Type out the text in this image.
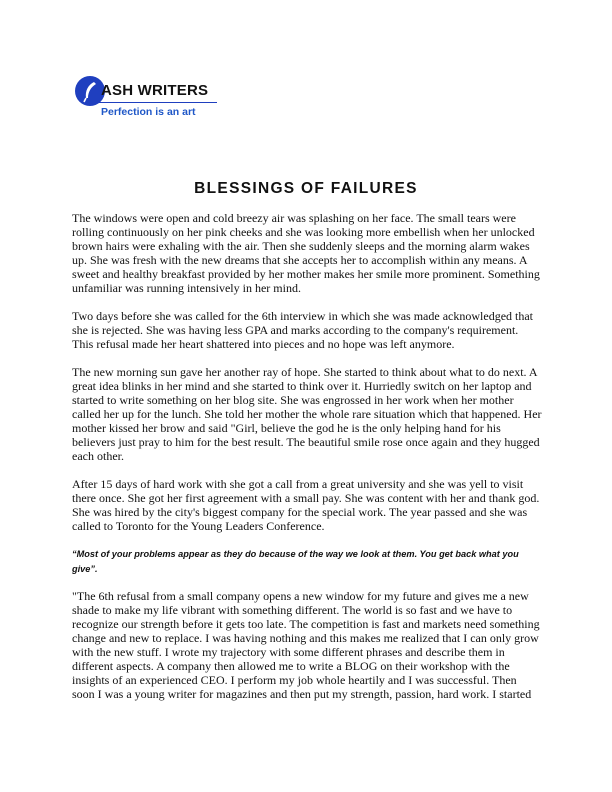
ASH WRITERS
Perfection is an art
BLESSINGS OF FAILURES

The windows were open and cold breezy air was splashing on her face. The small tears were rolling continuously on her pink cheeks and she was looking more embellish when her unlocked brown hairs were exhaling with the air. Then she suddenly sleeps and the morning alarm wakes up. She was fresh with the new dreams that she accepts her to accomplish within any means. A sweet and healthy breakfast provided by her mother makes her smile more prominent. Something unfamiliar was running intensively in her mind.

Two days before she was called for the 6th interview in which she was made acknowledged that she is rejected. She was having less GPA and marks according to the company's requirement. This refusal made her heart shattered into pieces and no hope was left anymore.

The new morning sun gave her another ray of hope. She started to think about what to do next. A great idea blinks in her mind and she started to think over it. Hurriedly switch on her laptop and started to write something on her blog site. She was engrossed in her work when her mother called her up for the lunch. She told her mother the whole rare situation which that happened. Her mother kissed her brow and said "Girl, believe the god he is the only helping hand for his believers just pray to him for the best result. The beautiful smile rose once again and they hugged each other.

After 15 days of hard work with she got a call from a great university and she was yell to visit there once. She got her first agreement with a small pay. She was content with her and thank god. She was hired by the city's biggest company for the special work. The year passed and she was called to Toronto for the Young Leaders Conference.

“Most of your problems appear as they do because of the way we look at them. You get back what you give”.

"The 6th refusal from a small company opens a new window for my future and gives me a new shade to make my life vibrant with something different. The world is so fast and we have to recognize our strength before it gets too late. The competition is fast and markets need something change and new to replace. I was having nothing and this makes me realized that I can only grow with the new stuff. I wrote my trajectory with some different phrases and describe them in different aspects. A company then allowed me to write a BLOG on their workshop with the insights of an experienced CEO. I perform my job whole heartily and I was successful. Then soon I was a young writer for magazines and then put my strength, passion, hard work. I started
